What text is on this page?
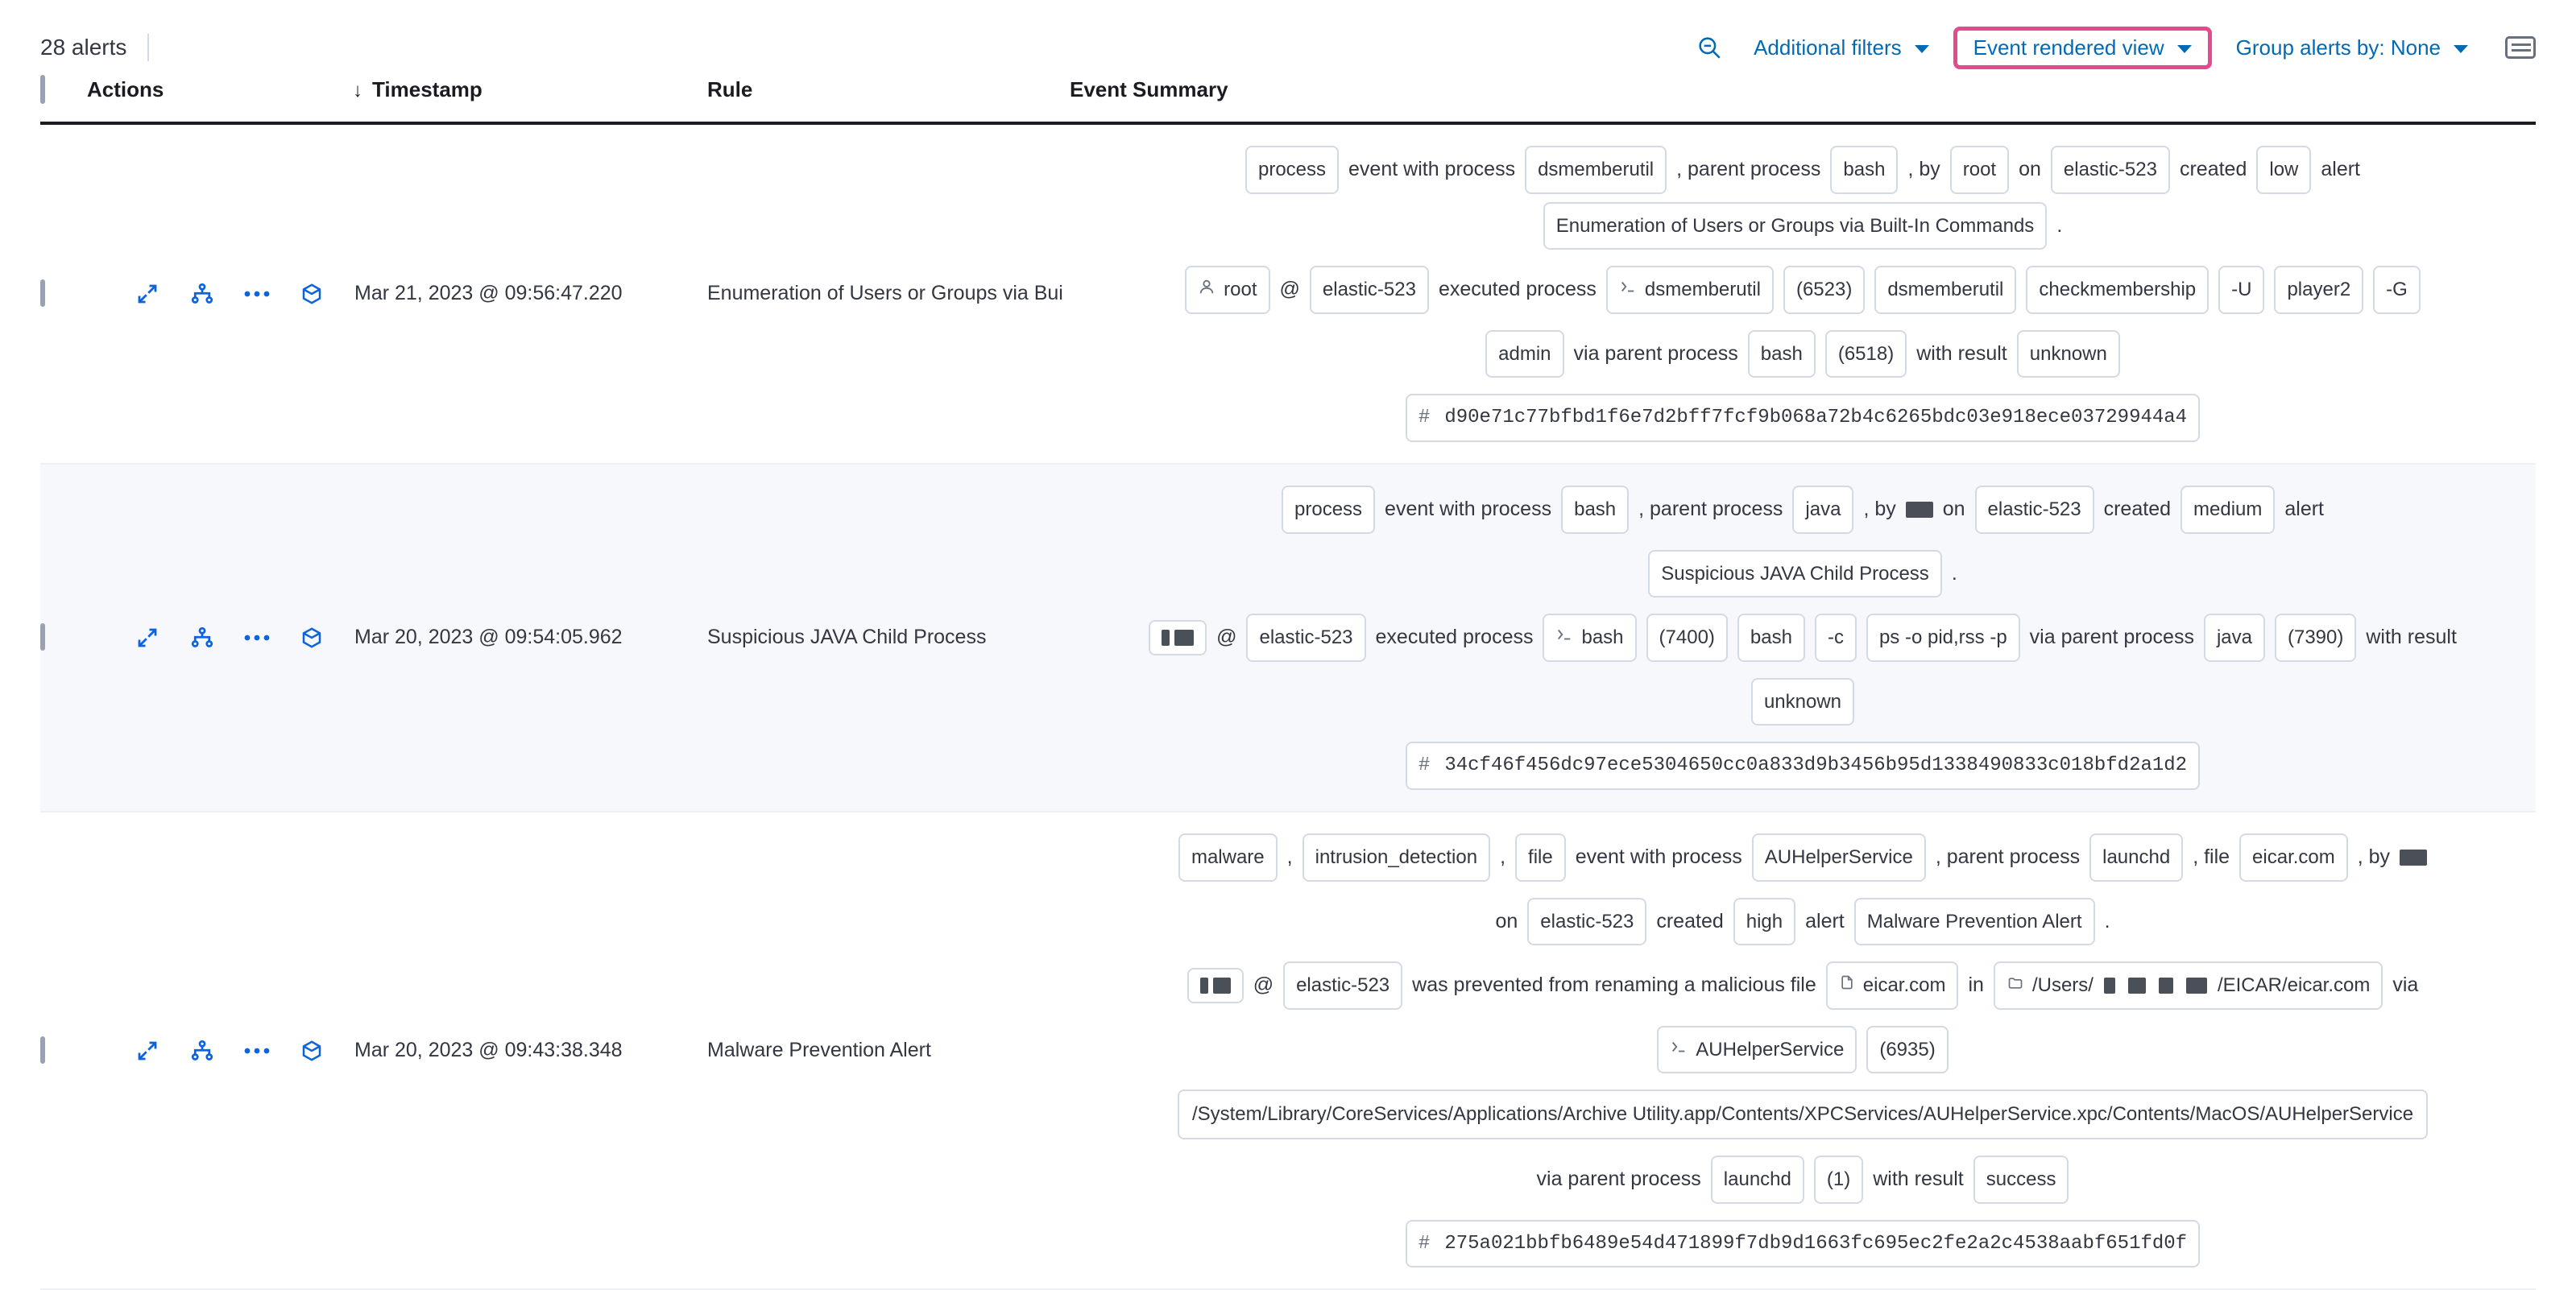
28 alerts	Additional filters	Event rendered view	Group alerts by: None
	Actions	↓ Timestamp	Rule	Event Summary

	Mar 21, 2023 @ 09:56:47.220	Enumeration of Users or Groups via Bui	
process event with process dsmemberutil , parent process bash , by root on elastic-523 created low alert
Enumeration of Users or Groups via Built-In Commands .
root @ elastic-523 executed process	dsmemberutil (6523) dsmemberutil checkmembership -U player2 -G
admin via parent process bash (6518) with result unknown
# d90e71c77bfbd1f6e7d2bff7fcf9b068a72b4c6265bdc03e918ece03729944a4

	Mar 20, 2023 @ 09:54:05.962	Suspicious JAVA Child Process	
process event with process bash , parent process java , by on elastic-523 created medium alert
Suspicious JAVA Child Process .
@ elastic-523 executed process	bash (7400) bash -c ps -o pid,rss -p via parent process java (7390) with result
unknown
# 34cf46f456dc97ece5304650cc0a833d9b3456b95d1338490833c018bfd2a1d2

	Mar 20, 2023 @ 09:43:38.348	Malware Prevention Alert	
malware , intrusion_detection , file event with process AUHelperService , parent process launchd , file eicar.com , by
on elastic-523 created high alert Malware Prevention Alert .
@ elastic-523 was prevented from renaming a malicious file eicar.com in	/Users/	/EICAR/eicar.com via
AUHelperService (6935)
/System/Library/CoreServices/Applications/Archive Utility.app/Contents/XPCServices/AUHelperService.xpc/Contents/MacOS/AUHelperService
via parent process launchd (1) with result success
# 275a021bbfb6489e54d471899f7db9d1663fc695ec2fe2a2c4538aabf651fd0f
